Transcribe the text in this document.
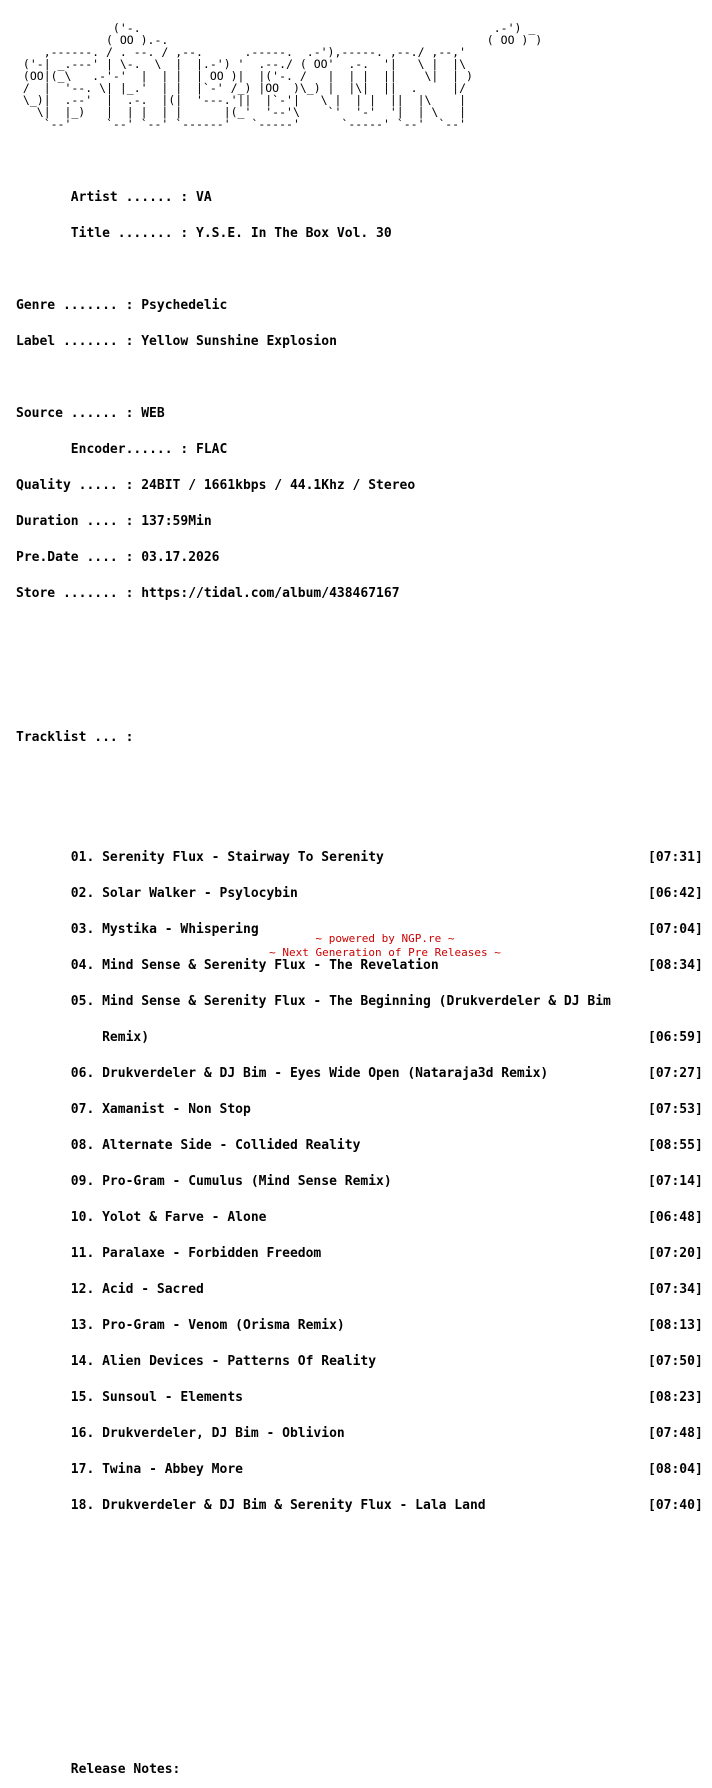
('-.                                                   .-') _
( OO ).-.                                              ( OO ) )
,------. / . --. / ,--.      .-----.  .-'),-----. ,--./ ,--,'
('-| _.---' | \-.  \  |  |.-') '  .--./ ( OO'  .-.  '|   \ |  |\
(OO|(_\   .-'-'  |  | |  | OO )|  |('-. /   |  | |  ||    \|  | )
/  |  '--. \| |_.'  | |  |`-' /_) |OO  )\_) |  |\|  ||  .     |/
\_)|  .--'  |  .-.  |(|  '---.'||  |`-'|   \ |  | |  ||  |\    |
\|  |_)   |  | |  | |      |(_'  '--'\    `'  '-'  '|  | \   |
`--'     `--' `--' `------'   `-----'      `-----' `--'  `--'

Artist ...... : VA

Title ....... : Y.S.E. In The Box Vol. 30

Genre ....... : Psychedelic

Label ....... : Yellow Sunshine Explosion

Source ...... : WEB

Encoder...... : FLAC

Quality ..... : 24BIT / 1661kbps / 44.1Khz / Stereo

Duration .... : 137:59Min

Pre.Date .... : 03.17.2026

Store ....... : https://tidal.com/album/438467167

Tracklist ... :

01. Serenity Flux - Stairway To Serenity	[07:31]

02. Solar Walker - Psylocybin	[06:42]

03. Mystika - Whispering	[07:04]

04. Mind Sense & Serenity Flux - The Revelation	[08:34]

05. Mind Sense & Serenity Flux - The Beginning (Drukverdeler & DJ Bim

Remix)	[06:59]

06. Drukverdeler & DJ Bim - Eyes Wide Open (Nataraja3d Remix)	[07:27]

07. Xamanist - Non Stop	[07:53]

08. Alternate Side - Collided Reality	[08:55]

09. Pro-Gram - Cumulus (Mind Sense Remix)	[07:14]

10. Yolot & Farve - Alone	[06:48]

11. Paralaxe - Forbidden Freedom	[07:20]

12. Acid - Sacred	[07:34]

13. Pro-Gram - Venom (Orisma Remix)	[08:13]

14. Alien Devices - Patterns Of Reality	[07:50]

15. Sunsoul - Elements	[08:23]

16. Drukverdeler, DJ Bim - Oblivion	[07:48]

17. Twina - Abbey More	[08:04]

18. Drukverdeler & DJ Bim & Serenity Flux - Lala Land	[07:40]

Release Notes:

~ powered by NGP.re ~
~ Next Generation of Pre Releases ~
